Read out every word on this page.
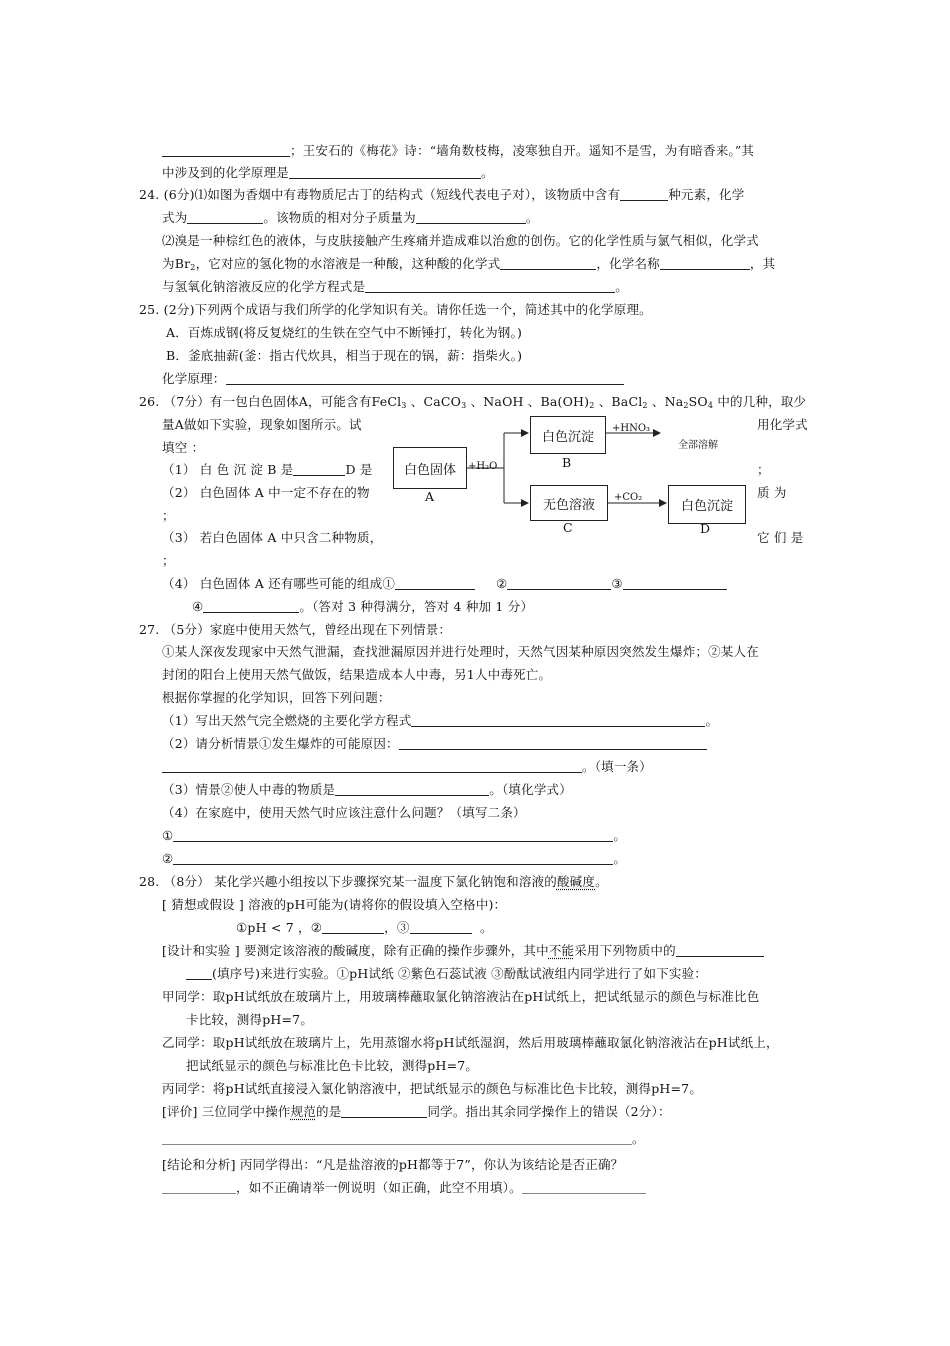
；王安石的《梅花》诗：“墙角数枝梅，凌寒独自开。遥知不是雪，为有暗香来。”其
中涉及到的化学原理是	。
24. (6分)⑴如图为香烟中有毒物质尼古丁的结构式（短线代表电子对），该物质中含有	种元素，化学
式为	。该物质的相对分子质量为	。
⑵溴是一种棕红色的液体，与皮肤接触产生疼痛并造成难以治愈的创伤。它的化学性质与氯气相似，化学式
为$Br_2$，它对应的氢化物的水溶液是一种酸，这种酸的化学式	，化学名称	，其
与氢氧化钠溶液反应的化学方程式是	。
25. (2分)下列两个成语与我们所学的化学知识有关。请你任选一个，简述其中的化学原理。
A．百炼成钢(将反复烧红的生铁在空气中不断锤打，转化为钢。)
B．釜底抽薪(釜：指古代炊具，相当于现在的锅，薪：指柴火。)
化学原理：
26. （7分）有一包白色固体A，可能含有FeCl$_3$ 、CaCO$_3$ 、NaOH 、$Ba(OH)_2$ 、BaCl$_2$ 、$Na_2SO_4$ 中的几种，取少
量A做如下实验，现象如图所示。试	用化学式
填空 ：
（1） 白 色 沉 淀 B 是	D 是	；
（2） 白色固体 A 中一定不存在的物	质 为
；
（3） 若白色固体 A 中只含二种物质，	它 们 是
；
（4） 白色固体 A 还有哪些可能的组成①	②	③
④	。（答对 3 种得满分，答对 4 种加 1 分）
白色固体
A
+H₂O
白色沉淀
B
+HNO₃
全部溶解
无色溶液
C
+CO₂
白色沉淀
D
27. （5分）家庭中使用天然气，曾经出现在下列情景：
①某人深夜发现家中天然气泄漏，查找泄漏原因并进行处理时，天然气因某种原因突然发生爆炸；②某人在
封闭的阳台上使用天然气做饭，结果造成本人中毒，另1人中毒死亡。
根据你掌握的化学知识，回答下列问题：
（1）写出天然气完全燃烧的主要化学方程式	。
（2）请分析情景①发生爆炸的可能原因：
。（填一条）
（3）情景②使人中毒的物质是	。（填化学式）
（4）在家庭中，使用天然气时应该注意什么问题？（填写二条）
①	。
②	。
28. （8分） 某化学兴趣小组按以下步骤探究某一温度下氯化钠饱和溶液的酸碱度。
[ 猜想或假设 ] 溶液的pH可能为(请将你的假设填入空格中)：
①pH < 7 ，②	，③	。
[设计和实验 ] 要测定该溶液的酸碱度，除有正确的操作步骤外，其中不能采用下列物质中的
(填序号)来进行实验。①pH试纸 ②紫色石蕊试液 ③酚酞试液组内同学进行了如下实验：
甲同学：取pH试纸放在玻璃片上，用玻璃棒蘸取氯化钠溶液沾在pH试纸上，把试纸显示的颜色与标准比色
卡比较，测得pH=7。
乙同学：取pH试纸放在玻璃片上，先用蒸馏水将pH试纸湿润，然后用玻璃棒蘸取氯化钠溶液沾在pH试纸上，
把试纸显示的颜色与标准比色卡比较，测得pH=7。
丙同学：将pH试纸直接浸入氯化钠溶液中，把试纸显示的颜色与标准比色卡比较，测得pH=7。
[评价] 三位同学中操作规范的是	同学。指出其余同学操作上的错误（2分）：
。
[结论和分析] 丙同学得出：“凡是盐溶液的pH都等于7”，你认为该结论是否正确？
，如不正确请举一例说明（如正确，此空不用填）。
